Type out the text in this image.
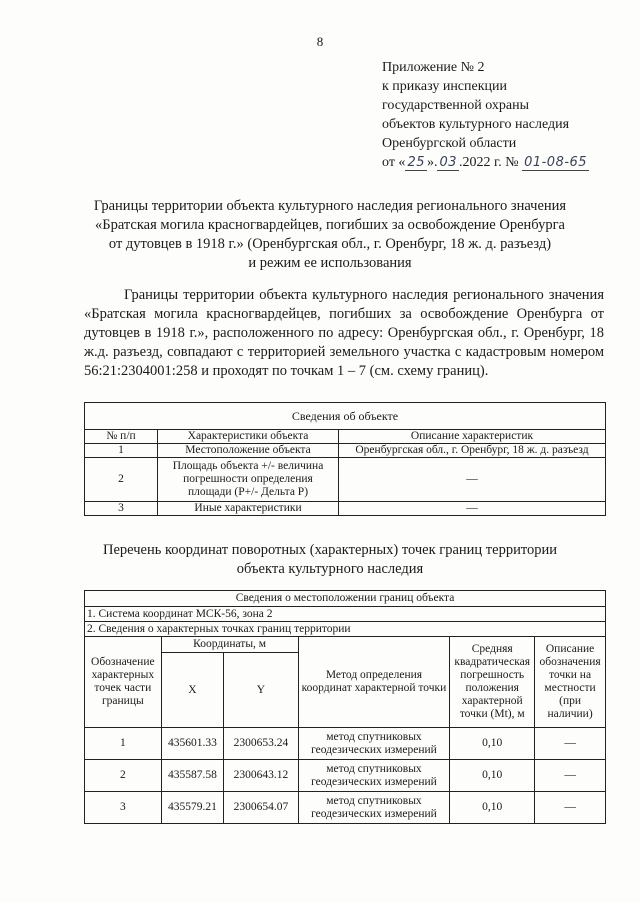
8
Приложение № 2
к приказу инспекции
государственной охраны
объектов культурного наследия
Оренбургской области
от « 25 ». 03 .2022 г. № 01-08-65
Границы территории объекта культурного наследия регионального значения
«Братская могила красногвардейцев, погибших за освобождение Оренбурга
от дутовцев в 1918 г.» (Оренбургская обл., г. Оренбург, 18 ж. д. разъезд)
и режим ее использования
Границы территории объекта культурного наследия регионального значения «Братская могила красногвардейцев, погибших за освобождение Оренбурга от дутовцев в 1918 г.», расположенного по адресу: Оренбургская обл., г. Оренбург, 18 ж.д. разъезд, совпадают с территорией земельного участка с кадастровым номером 56:21:2304001:258 и проходят по точкам 1 – 7 (см. схему границ).
Сведения об объекте		
№ п/п	Характеристики объекта	Описание характеристик
1	Местоположение объекта	Оренбургская обл., г. Оренбург, 18 ж. д. разъезд
2	Площадь объекта +/- величина погрешности определения площади (P+/- Дельта P)	—
3	Иные характеристики	—
Перечень координат поворотных (характерных) точек границ территории
объекта культурного наследия
Сведения о местоположении границ объекта					
1. Система координат МСК-56, зона 2					
2. Сведения о характерных точках границ территории					
Обозначение характерных точек части границы	Координаты, м		Метод определения координат характерной точки	Средняя квадратическая погрешность положения характерной точки (Mt), м	Описание обозначения точки на местности (при наличии)
	X	Y			
1	435601.33	2300653.24	метод спутниковых геодезических измерений	0,10	—
2	435587.58	2300643.12	метод спутниковых геодезических измерений	0,10	—
3	435579.21	2300654.07	метод спутниковых геодезических измерений	0,10	—
